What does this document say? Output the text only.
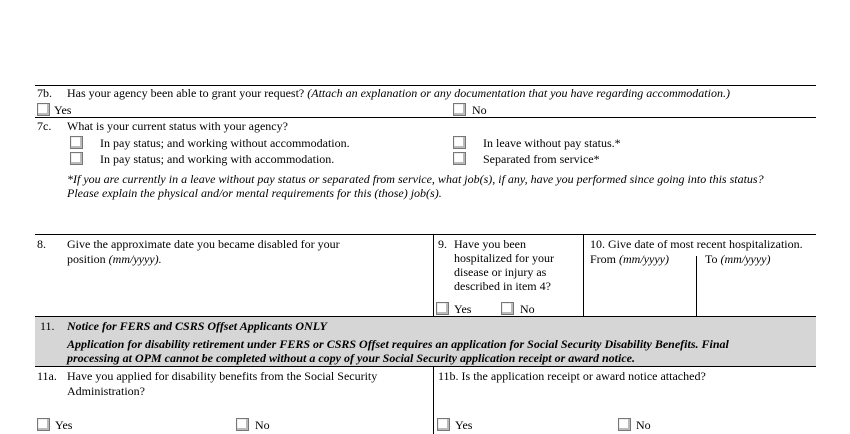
7b. Has your agency been able to grant your request? (Attach an explanation or any documentation that you have regarding accommodation.)
Yes	No
7c. What is your current status with your agency?
In pay status; and working without accommodation.
In pay status; and working with accommodation.
In leave without pay status.*
Separated from service*
*If you are currently in a leave without pay status or separated from service, what job(s), if any, have you performed since going into this status?
Please explain the physical and/or mental requirements for this (those) job(s).
8. Give the approximate date you became disabled for your
position (mm/yyyy).
9. Have you been
hospitalized for your
disease or injury as
described in item 4?
Yes	No
10. Give date of most recent hospitalization.
From (mm/yyyy)	To (mm/yyyy)
11. Notice for FERS and CSRS Offset Applicants ONLY
Application for disability retirement under FERS or CSRS Offset requires an application for Social Security Disability Benefits. Final
processing at OPM cannot be completed without a copy of your Social Security application receipt or award notice.
11a. Have you applied for disability benefits from the Social Security
Administration?
Yes	No
11b. Is the application receipt or award notice attached?
Yes	No
